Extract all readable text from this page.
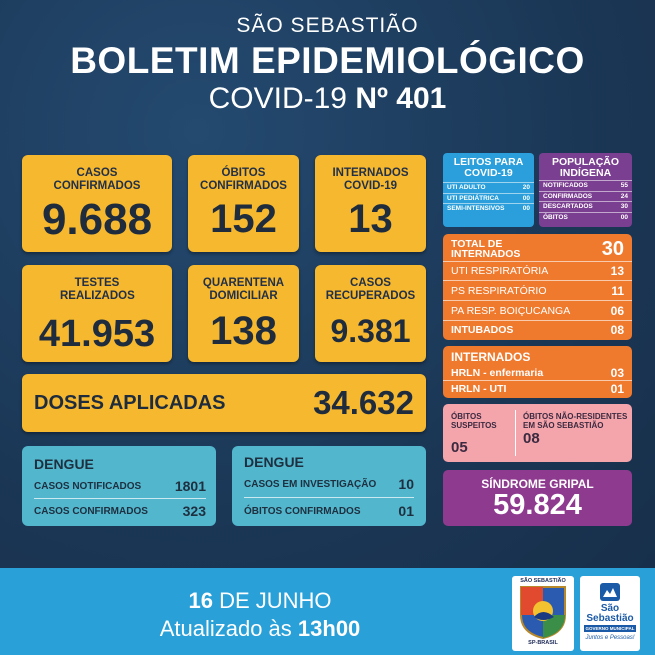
SÃO SEBASTIÃO
BOLETIM EPIDEMIOLÓGICO
COVID-19 Nº 401
CASOS CONFIRMADOS
9.688
ÓBITOS CONFIRMADOS
152
INTERNADOS COVID-19
13
TESTES REALIZADOS
41.953
QUARENTENA DOMICILIAR
138
CASOS RECUPERADOS
9.381
DOSES APLICADAS	34.632
DENGUE
CASOS NOTIFICADOS 1801
CASOS CONFIRMADOS 323
DENGUE
CASOS EM INVESTIGAÇÃO 10
ÓBITOS CONFIRMADOS	01
LEITOS PARA COVID-19
UTI ADULTO	20
UTI PEDIÁTRICA	00
SEMI-INTENSIVOS	00
POPULAÇÃO INDÍGENA
NOTIFICADOS	55
CONFIRMADOS	24
DESCARTADOS	30
ÓBITOS	00
TOTAL DE INTERNADOS	30
UTI RESPIRATÓRIA	13
PS RESPIRATÓRIO	11
PA RESP. BOIÇUCANGA	06
INTUBADOS	08
INTERNADOS
HRLN - enfermaria	03
HRLN - UTI	01
ÓBITOS SUSPEITOS
05
ÓBITOS NÃO-RESIDENTES EM SÃO SEBASTIÃO
08
SÍNDROME GRIPAL
59.824
16 DE JUNHO
Atualizado às 13h00
SÃO SEBASTIÃO
SP-BRASIL
São
Sebastião
GOVERNO MUNICIPAL
Juntos e Pessoas!
